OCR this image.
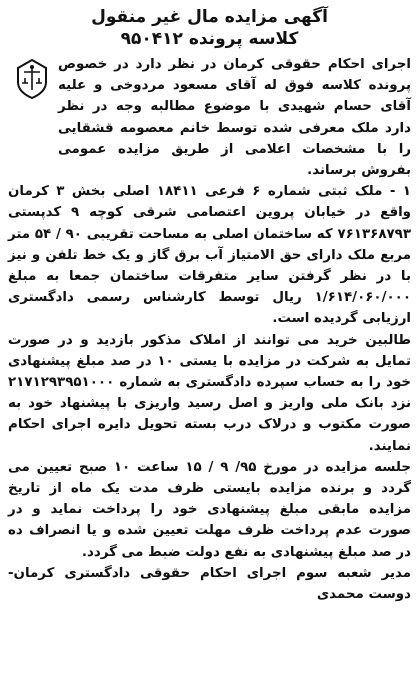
آگهی مزایده مال غیر منقول
کلاسه پرونده ۹۵۰۴۱۲

اجرای احکام حقوقی کرمان در نظر دارد در خصوص پرونده کلاسه فوق له آقای مسعود مردوخی و علیه آقای حسام شهیدی با موضوع مطالبه وجه در نظر دارد ملک معرفی شده توسط خانم معصومه قشقایی را با مشخصات اعلامی از طریق مزایده عمومی بفروش برساند.

۱ - ملک ثبتی شماره ۶ فرعی ۱۸۴۱۱ اصلی بخش ۳ کرمان واقع در خیابان پروین اعتصامی شرقی کوچه ۹ کدپستی ۷۶۱۳۶۸۷۹۳ که ساختمان اصلی به مساحت تقریبی ۹۰ / ۵۴ متر مربع ملک دارای حق الامتیاز آب برق گاز و یک خط تلفن و نیز با در نظر گرفتن سایر متفرقات ساختمان جمعا به مبلغ ۱/۶۱۴/۰۶۰/۰۰۰ ریال توسط کارشناس رسمی دادگستری ارزیابی گردیده است.

طالبین خرید می توانند از املاک مذکور بازدید و در صورت تمایل به شرکت در مزایده با یستی ۱۰ در صد مبلغ پیشنهادی خود را به حساب سپرده دادگستری به شماره ۲۱۷۱۲۹۳۹۵۱۰۰۰ نزد بانک ملی واریز و اصل رسید واریزی با پیشنهاد خود به صورت مکتوب و درلاک درب بسته تحویل دایره اجرای احکام نمایند.

جلسه مزایده در مورخ ۹۵/ ۹ / ۱۵ ساعت ۱۰ صبح تعیین می گردد و برنده مزایده بایستی ظرف مدت یک ماه از تاریخ مزایده مابقی مبلغ پیشنهادی خود را پرداخت نماید و در صورت عدم پرداخت ظرف مهلت تعیین شده و یا انصراف ده در صد مبلغ پیشنهادی به نفع دولت ضبط می گردد.

مدیر شعبه سوم اجرای احکام حقوقی دادگستری کرمان- دوست محمدی
